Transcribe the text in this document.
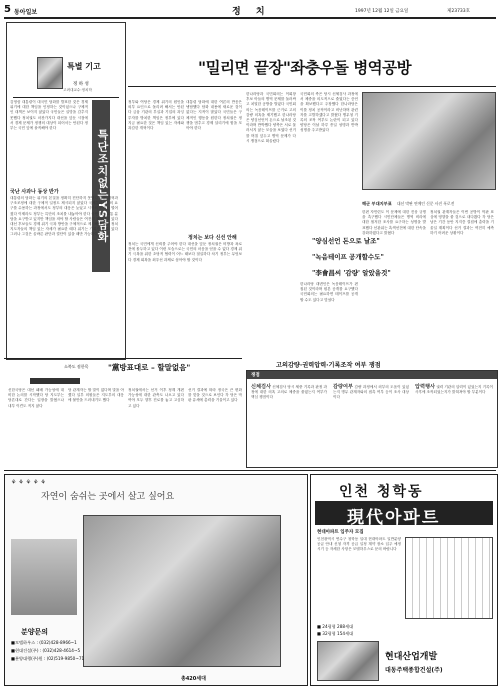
5 동아일보	정 치	1997년 12월 12일 금요일	제23733호
특별 기고
정 하 성
고려대교수·정치학
특단조치없는YS담화
김영삼 대통령이 대국민 담화를 발표한 것은 경제 위기에 대한 책임을 인정하는 것이었으나 구체적인 대책은 보이지 않았다 국민들은 실망을 감추지 못했다 정치권도 마찬가지다 대선을 앞둔 시점에서 경제 문제가 정쟁의 대상이 되어서는 안된다 정부는 국민 앞에 솔직해야 한다
국난 사과나 동상 반가
대통령의 담화는 위기의 본질을 정확히 진단하지 못했다 금융 개혁과 구조조정에 대한 구체적 일정도 제시되지 않았다 국제통화기금의 요구를 수용하는 과정에서도 정부의 대응은 늦었고 시장의 신뢰는 떨어졌다 이제라도 정부는 특단의 조치를 내놓아야 한다 국민들은 고통 분담을 요구받고 있지만 책임을 져야 할 사람들은 여전히 침묵하고 있다 대선 후보들도 경제 위기 극복 방안을 구체적으로 제시해야 한다 정치 지도자들의 책임 있는 자세가 필요한 때다 위기는 기회가 될 수 있다 그러나 그것은 올바른 판단과 결단이 있을 때만 가능하다
정부와 여당은 경제 위기의 원인을 외부 요인으로 돌리려 해서는 안된다 금융 기관의 부실과 기업의 과잉 투자를 방치한 책임은 정부에 있다 지금 필요한 것은 책임 있는 자세와 과감한 개혁이다
대통령 담화에 대한 여론의 반응은 냉담했다 담화 내용에 새로운 것이 없다는 지적이 많았다 국민들은 구체적인 행동을 원한다 정치권은 정쟁을 멈추고 경제 살리기에 힘을 모아야 한다
정치는 보다 신선 안해
정치는 국민에게 신뢰를 주어야 한다 대선을 앞둔 정치권은 비방과 폭로전에 몰두하고 있다 이런 모습으로는 국민의 마음을 얻을 수 없다 경제 위기 극복을 위한 초당적 협력이 어느 때보다 절실하다 차기 정부는 무엇보다 경제 회복을 최우선 과제로 삼아야 할 것이다
"밀리면 끝장"좌충우돌 병역공방
한나라당과 국민회의는 이회창 후보 아들의 병역 문제를 둘러싸고 치열한 공방을 벌였다 국민회의는 녹음테이프를 근거로 고의 감량 의혹을 제기했고 한나라당은 양심선언이 돈으로 날조된 것이라며 반박했다 양측은 서로 물러서지 않는 모습을 보였다 선거를 며칠 앞두고 병역 문제가 다시 쟁점으로 떠올랐다
국민회의 측은 당시 신체검사 과정에서 체중을 의도적으로 줄였다는 증언을 확보했다고 주장했다 한나라당은 이를 정치 공작이라고 비난하며 관련자를 고발하겠다고 밝혔다 병무청 기록의 조작 여부도 논란이 되고 있다 양당은 이날 하루 종일 성명과 반박 성명을 주고받았다
해군 부대지부표 대선 막판 연예인 신문 사진 폭로전
"양심선언 돈으로 날조"
"녹음테이프 공개할수도"
"李會昌씨 '감량' 알았을것"
한나라당 대변인은 녹음테이프가 편집된 것이라며 원본 공개를 요구했다 국민회의는 필요하면 테이프를 공개할 수도 있다고 맞섰다
한편 자민련도 이 문제에 대한 진상 규명을 촉구했다 시민단체들은 병역 비리에 대한 철저한 조사를 요구하는 성명을 발표했다 선관위는 흑색선전에 대한 단속을 강화하겠다고 밝혔다
정치권 관계자들은 이번 공방이 막판 표심에 영향을 줄 것으로 내다봤다 각 당은 남은 기간 동안 지지층 결집에 총력을 기울일 계획이다 선거 결과는 여전히 예측하기 어려운 상황이다
고의감량·권력압력·기록조작 여부 쟁점
쟁점
신체검사 신체검사 당시 체중 기록과 판정 과정에 대한 의혹 고의로 체중을 줄였는지 여부가 핵심 쟁점이다
감량여부 감량 과정에서 외부의 도움이 있었는지 병무 관계자와의 접촉 여부 등이 조사 대상이다
압력행사 권력 기관의 압력이 있었는지 기록이 사후에 조작되었는지가 밝혀져야 할 부분이다
소북도 점한목	"黨방표대로 – 할말없음"
신한국당은 대선 패배 가능성에 대비한 논의를 시작했다 당 지도부는 당론대로 간다는 입장을 밝혔으나 내부 이견도 적지 않다
당 관계자는 할 말이 없다며 말을 아꼈다 일부 의원들은 지도부의 대응에 불만을 드러내기도 했다
정치권에서는 선거 이후 정계 개편 가능성에 대한 관측도 나오고 있다 여야 모두 향후 진로를 놓고 고심하고 있다
선거 결과에 따라 정국은 큰 변화를 맞을 것으로 보인다 각 당은 막판 유세에 총력을 기울이고 있다
⚘⚘⚘⚘⚘
자연이 숨쉬는 곳에서 살고 싶어요
분양문의
■모델하우스 : (032)428-8966~1
■현대건설(주) : (032)428-4614~5
■분양대행(주)원 : (02)519-9850~71
총420세대
인천 청학동
現代아파트
현대아파트 입주자 모집
인천광역시 연수구 청학동 일대 현대아파트 일반분양 공급 안내 신청 자격 공급 일정 계약 장소 입주 예정 시기 등 자세한 사항은 모델하우스로 문의 바랍니다
■ 24평형 288세대
■ 32평형 154세대
현대산업개발
대동주택종합건설(주)
